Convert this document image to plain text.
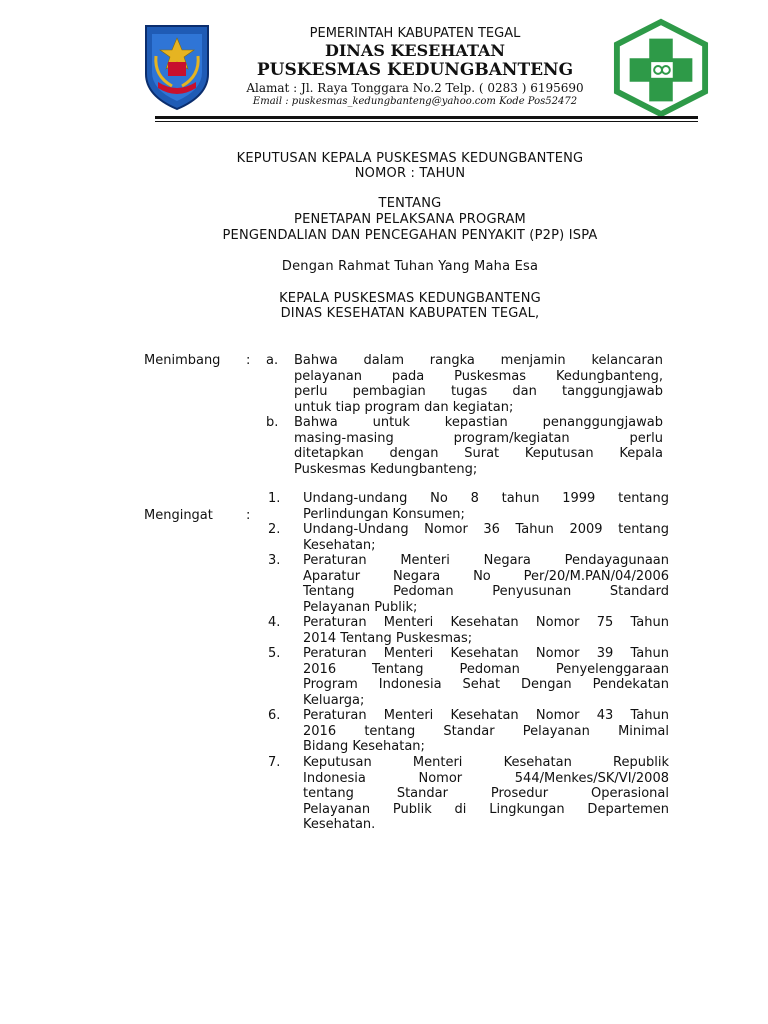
PEMERINTAH KABUPATEN TEGAL
DINAS KESEHATAN
PUSKESMAS KEDUNGBANTENG
Alamat : Jl. Raya Tonggara No.2 Telp. ( 0283 ) 6195690
Email : puskesmas_kedungbanteng@yahoo.com Kode Pos52472
KEPUTUSAN KEPALA PUSKESMAS KEDUNGBANTENG
NOMOR : TAHUN
TENTANG
PENETAPAN PELAKSANA PROGRAM
PENGENDALIAN DAN PENCEGAHAN PENYAKIT (P2P) ISPA
Dengan Rahmat Tuhan Yang Maha Esa
KEPALA PUSKESMAS KEDUNGBANTENG
DINAS KESEHATAN KABUPATEN TEGAL,
Menimbang : a. Bahwa dalam rangka menjamin kelancaran
pelayanan pada Puskesmas Kedungbanteng,
perlu pembagian tugas dan tanggungjawab
untuk tiap program dan kegiatan;
b. Bahwa untuk kepastian penanggungjawab
masing-masing program/kegiatan perlu
ditetapkan dengan Surat Keputusan Kepala
Puskesmas Kedungbanteng;
Mengingat	:
1. Undang-undang No 8 tahun 1999 tentang
Perlindungan Konsumen;
2. Undang-Undang Nomor 36 Tahun 2009 tentang
Kesehatan;
3. Peraturan Menteri Negara Pendayagunaan
Aparatur Negara No Per/20/M.PAN/04/2006
Tentang Pedoman Penyusunan Standard
Pelayanan Publik;
4. Peraturan Menteri Kesehatan Nomor 75 Tahun
2014 Tentang Puskesmas;
5. Peraturan Menteri Kesehatan Nomor 39 Tahun
2016 Tentang Pedoman Penyelenggaraan
Program Indonesia Sehat Dengan Pendekatan
Keluarga;
6. Peraturan Menteri Kesehatan Nomor 43 Tahun
2016 tentang Standar Pelayanan Minimal
Bidang Kesehatan;
7. Keputusan Menteri Kesehatan Republik
Indonesia Nomor 544/Menkes/SK/VI/2008
tentang Standar Prosedur Operasional
Pelayanan Publik di Lingkungan Departemen
Kesehatan.
